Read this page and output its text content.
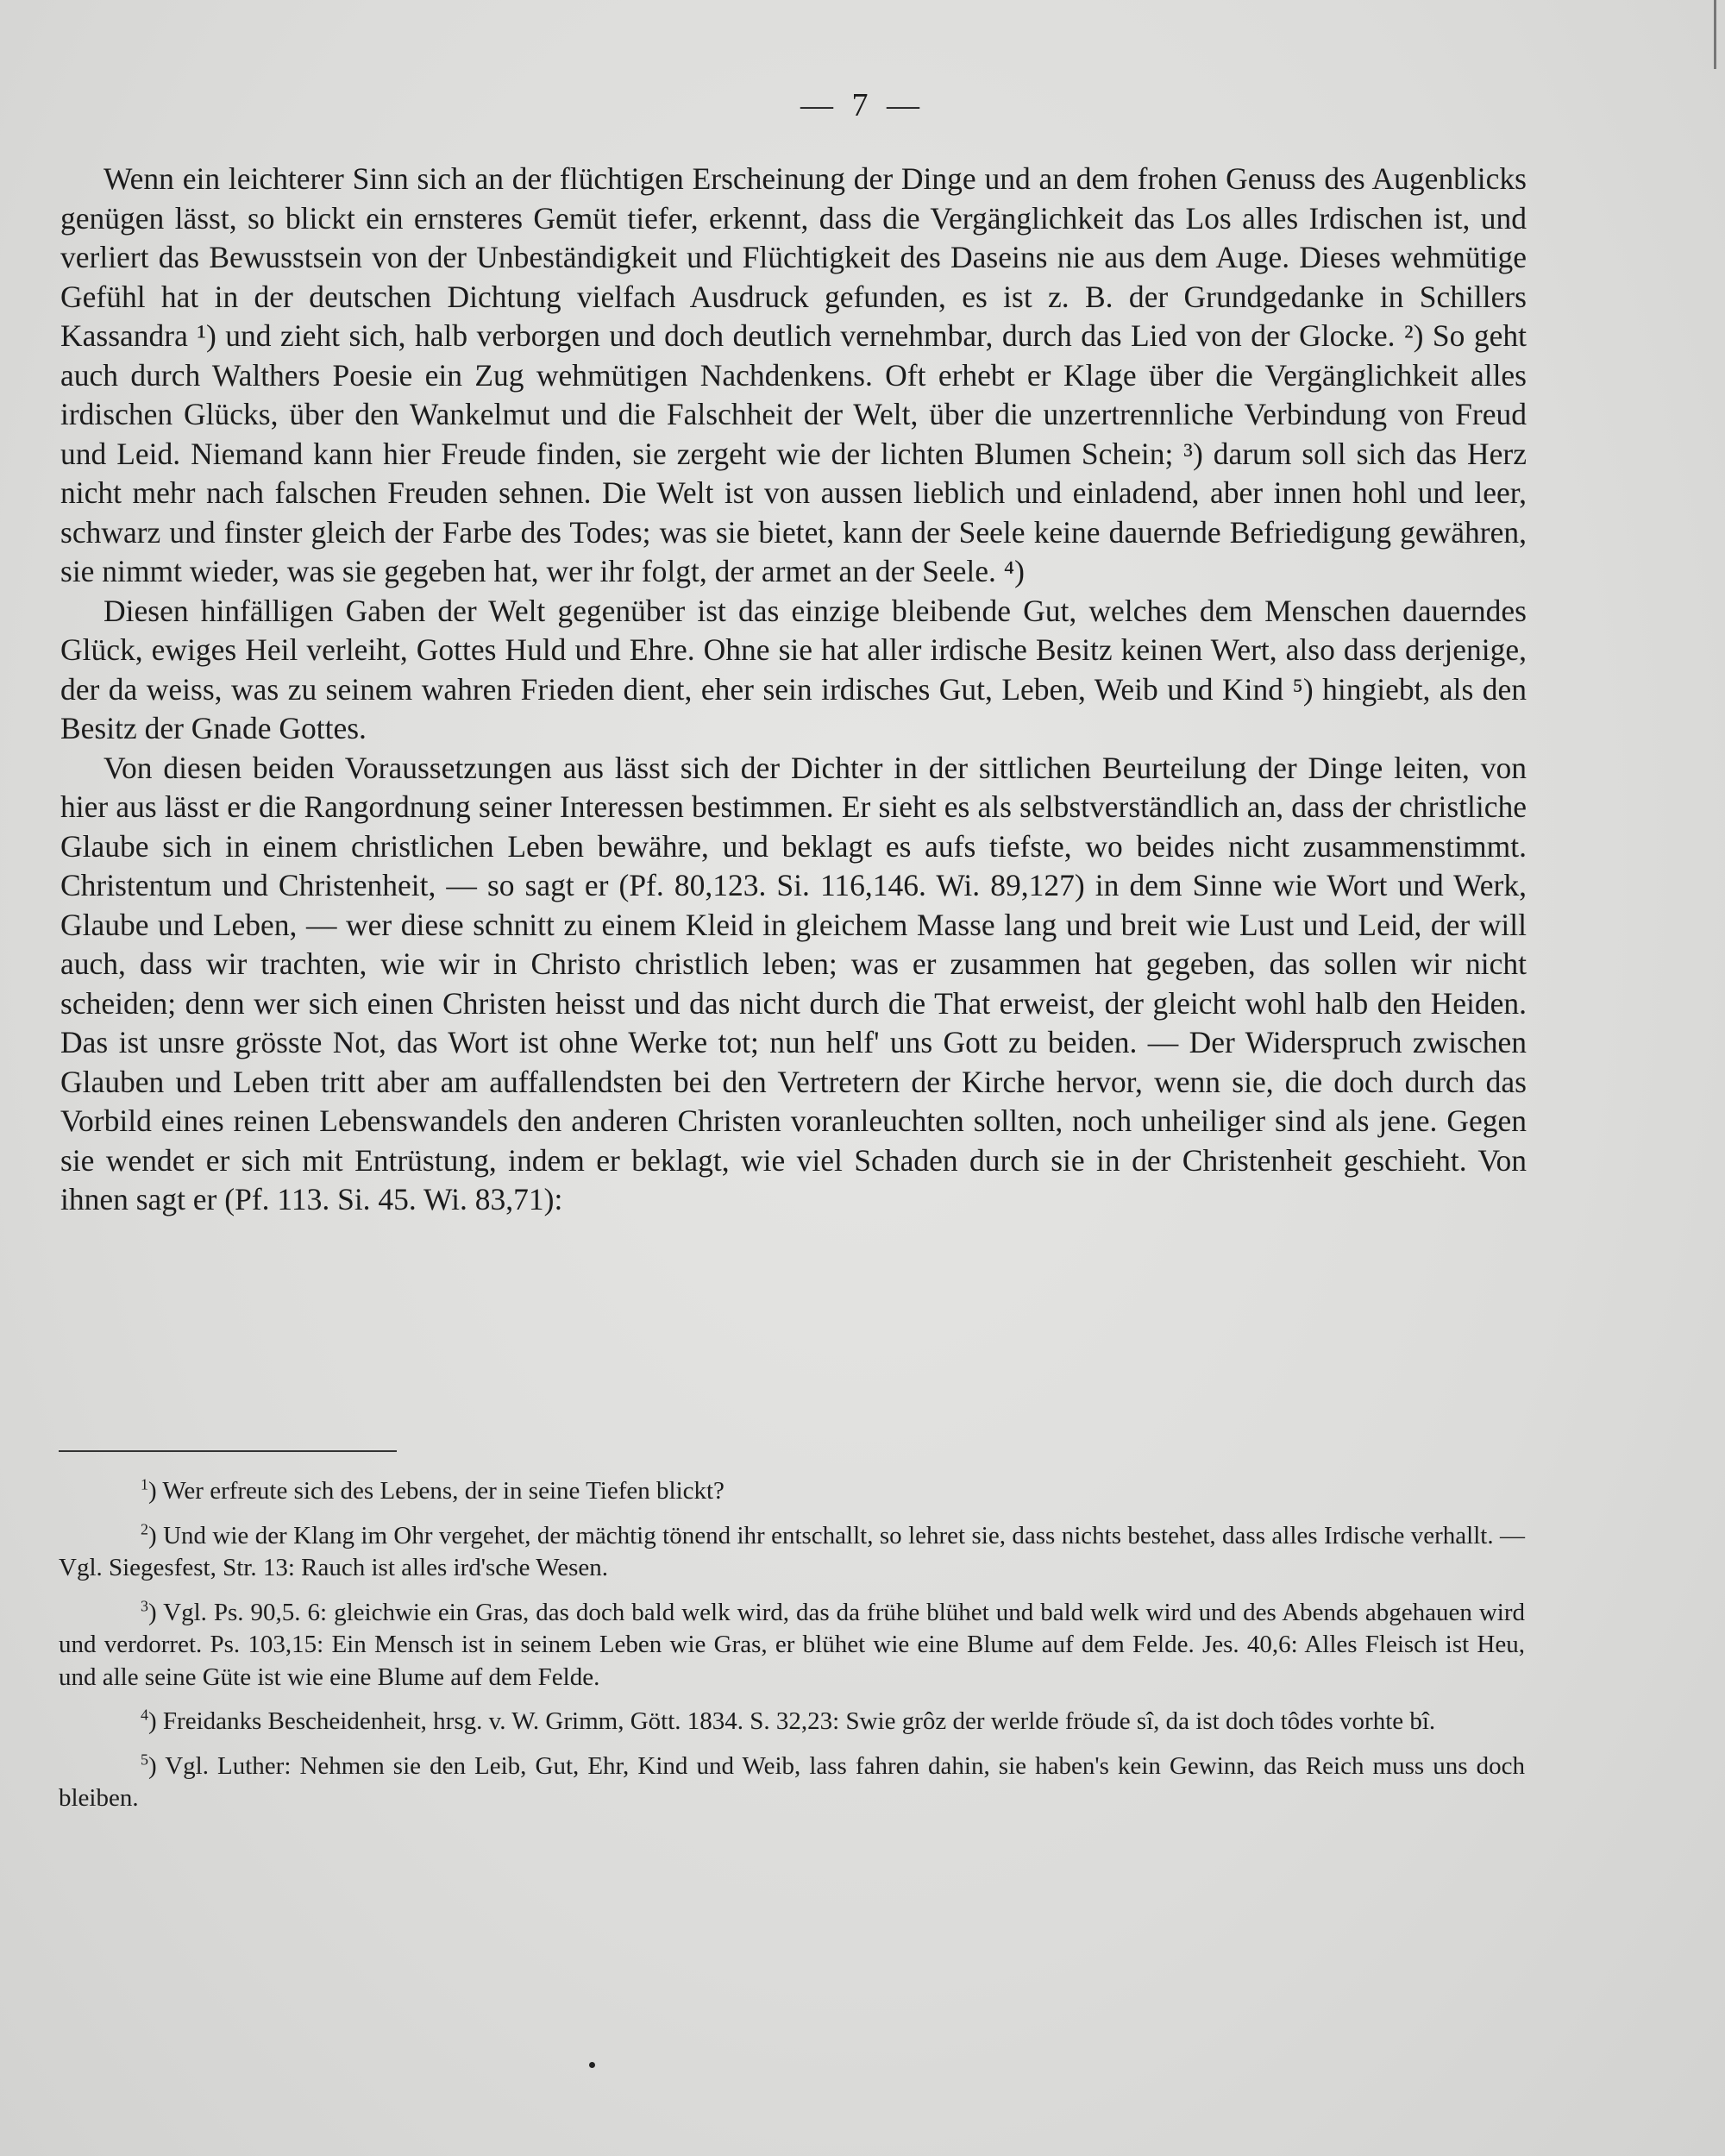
— 7 —

Wenn ein leichterer Sinn sich an der flüchtigen Erscheinung der Dinge und an dem frohen Genuss des Augenblicks genügen lässt, so blickt ein ernsteres Gemüt tiefer, erkennt, dass die Vergänglichkeit das Los alles Irdischen ist, und verliert das Bewusstsein von der Unbeständigkeit und Flüchtigkeit des Daseins nie aus dem Auge. Dieses wehmütige Gefühl hat in der deutschen Dichtung vielfach Ausdruck gefunden, es ist z. B. der Grundgedanke in Schillers Kassandra ¹) und zieht sich, halb verborgen und doch deutlich vernehmbar, durch das Lied von der Glocke. ²) So geht auch durch Walthers Poesie ein Zug wehmütigen Nachdenkens. Oft erhebt er Klage über die Vergänglichkeit alles irdischen Glücks, über den Wankelmut und die Falschheit der Welt, über die unzertrennliche Verbindung von Freud und Leid. Niemand kann hier Freude finden, sie zergeht wie der lichten Blumen Schein; ³) darum soll sich das Herz nicht mehr nach falschen Freuden sehnen. Die Welt ist von aussen lieblich und einladend, aber innen hohl und leer, schwarz und finster gleich der Farbe des Todes; was sie bietet, kann der Seele keine dauernde Befriedigung gewähren, sie nimmt wieder, was sie gegeben hat, wer ihr folgt, der armet an der Seele. ⁴)

Diesen hinfälligen Gaben der Welt gegenüber ist das einzige bleibende Gut, welches dem Menschen dauerndes Glück, ewiges Heil verleiht, Gottes Huld und Ehre. Ohne sie hat aller irdische Besitz keinen Wert, also dass derjenige, der da weiss, was zu seinem wahren Frieden dient, eher sein irdisches Gut, Leben, Weib und Kind ⁵) hingiebt, als den Besitz der Gnade Gottes.

Von diesen beiden Voraussetzungen aus lässt sich der Dichter in der sittlichen Beurteilung der Dinge leiten, von hier aus lässt er die Rangordnung seiner Interessen bestimmen. Er sieht es als selbstverständlich an, dass der christliche Glaube sich in einem christlichen Leben bewähre, und beklagt es aufs tiefste, wo beides nicht zusammenstimmt. Christentum und Christenheit, — so sagt er (Pf. 80,123. Si. 116,146. Wi. 89,127) in dem Sinne wie Wort und Werk, Glaube und Leben, — wer diese schnitt zu einem Kleid in gleichem Masse lang und breit wie Lust und Leid, der will auch, dass wir trachten, wie wir in Christo christlich leben; was er zusammen hat gegeben, das sollen wir nicht scheiden; denn wer sich einen Christen heisst und das nicht durch die That erweist, der gleicht wohl halb den Heiden. Das ist unsre grösste Not, das Wort ist ohne Werke tot; nun helf' uns Gott zu beiden. — Der Widerspruch zwischen Glauben und Leben tritt aber am auffallendsten bei den Vertretern der Kirche hervor, wenn sie, die doch durch das Vorbild eines reinen Lebenswandels den anderen Christen voranleuchten sollten, noch unheiliger sind als jene. Gegen sie wendet er sich mit Entrüstung, indem er beklagt, wie viel Schaden durch sie in der Christenheit geschieht. Von ihnen sagt er (Pf. 113. Si. 45. Wi. 83,71):

$^1$) Wer erfreute sich des Lebens, der in seine Tiefen blickt?

$^2$) Und wie der Klang im Ohr vergehet, der mächtig tönend ihr entschallt, so lehret sie, dass nichts bestehet, dass alles Irdische verhallt. — Vgl. Siegesfest, Str. 13: Rauch ist alles ird'sche Wesen.

$^3$) Vgl. Ps. 90,5. 6: gleichwie ein Gras, das doch bald welk wird, das da frühe blühet und bald welk wird und des Abends abgehauen wird und verdorret. Ps. 103,15: Ein Mensch ist in seinem Leben wie Gras, er blühet wie eine Blume auf dem Felde. Jes. 40,6: Alles Fleisch ist Heu, und alle seine Güte ist wie eine Blume auf dem Felde.

$^4$) Freidanks Bescheidenheit, hrsg. v. W. Grimm, Gött. 1834. S. 32,23: Swie grôz der werlde fröude sî, da ist doch tôdes vorhte bî.

$^5$) Vgl. Luther: Nehmen sie den Leib, Gut, Ehr, Kind und Weib, lass fahren dahin, sie haben's kein Gewinn, das Reich muss uns doch bleiben.
